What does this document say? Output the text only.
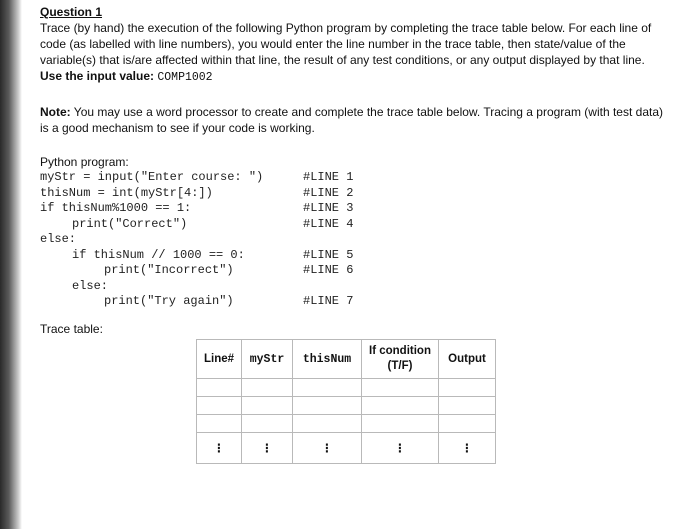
Question 1

Trace (by hand) the execution of the following Python program by completing the trace table below. For each line of code (as labelled with line numbers), you would enter the line number in the trace table, then state/value of the variable(s) that is/are affected within that line, the result of any test conditions, or any output displayed by that line. Use the input value: COMP1002

Note: You may use a word processor to create and complete the trace table below. Tracing a program (with test data) is a good mechanism to see if your code is working.

Python program:

myStr = input("Enter course: ")

	#LINE 1

thisNum = int(myStr[4:])

	#LINE 2

if thisNum%1000 == 1:

	#LINE 3

print("Correct")

	#LINE 4

else:

if thisNum // 1000 == 0:

	#LINE 5

print("Incorrect")

	#LINE 6

else:

print("Try again")

	#LINE 7

Trace table:
Line#	myStr	thisNum	If condition
(T/F)	Output

⋮	⋮	⋮	⋮	⋮
